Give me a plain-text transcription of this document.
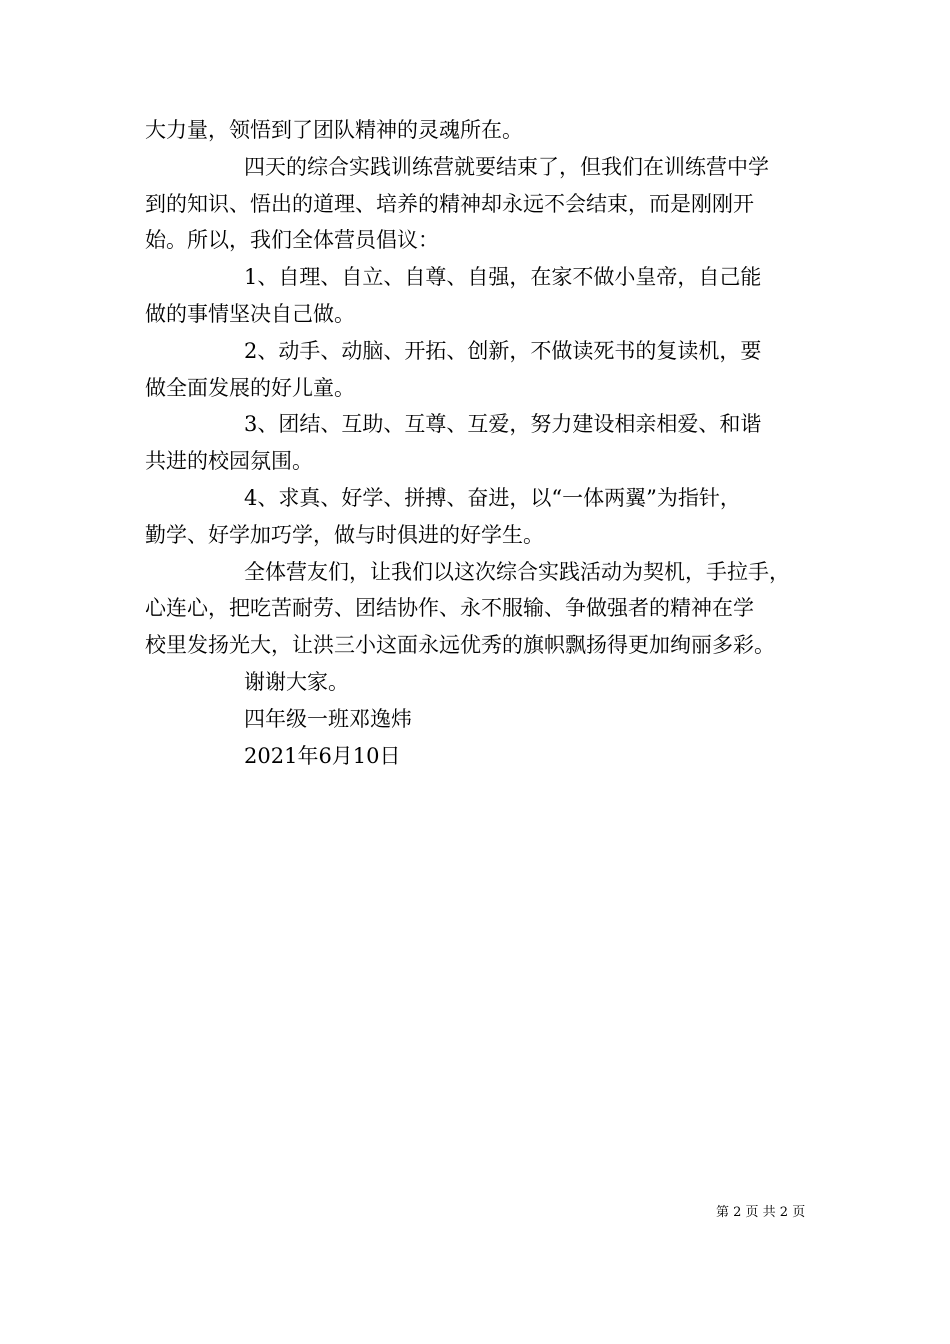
大力量，领悟到了团队精神的灵魂所在。
四天的综合实践训练营就要结束了，但我们在训练营中学
到的知识、悟出的道理、培养的精神却永远不会结束，而是刚刚开
始。所以，我们全体营员倡议：
1、自理、自立、自尊、自强，在家不做小皇帝，自己能
做的事情坚决自己做。
2、动手、动脑、开拓、创新，不做读死书的复读机，要
做全面发展的好儿童。
3、团结、互助、互尊、互爱，努力建设相亲相爱、和谐
共进的校园氛围。
4、求真、好学、拼搏、奋进，以“一体两翼”为指针，
勤学、好学加巧学，做与时俱进的好学生。
全体营友们，让我们以这次综合实践活动为契机，手拉手，
心连心，把吃苦耐劳、团结协作、永不服输、争做强者的精神在学
校里发扬光大，让洪三小这面永远优秀的旗帜飘扬得更加绚丽多彩。
谢谢大家。
四年级一班邓逸炜
2021年6月10日
第 2 页 共 2 页
